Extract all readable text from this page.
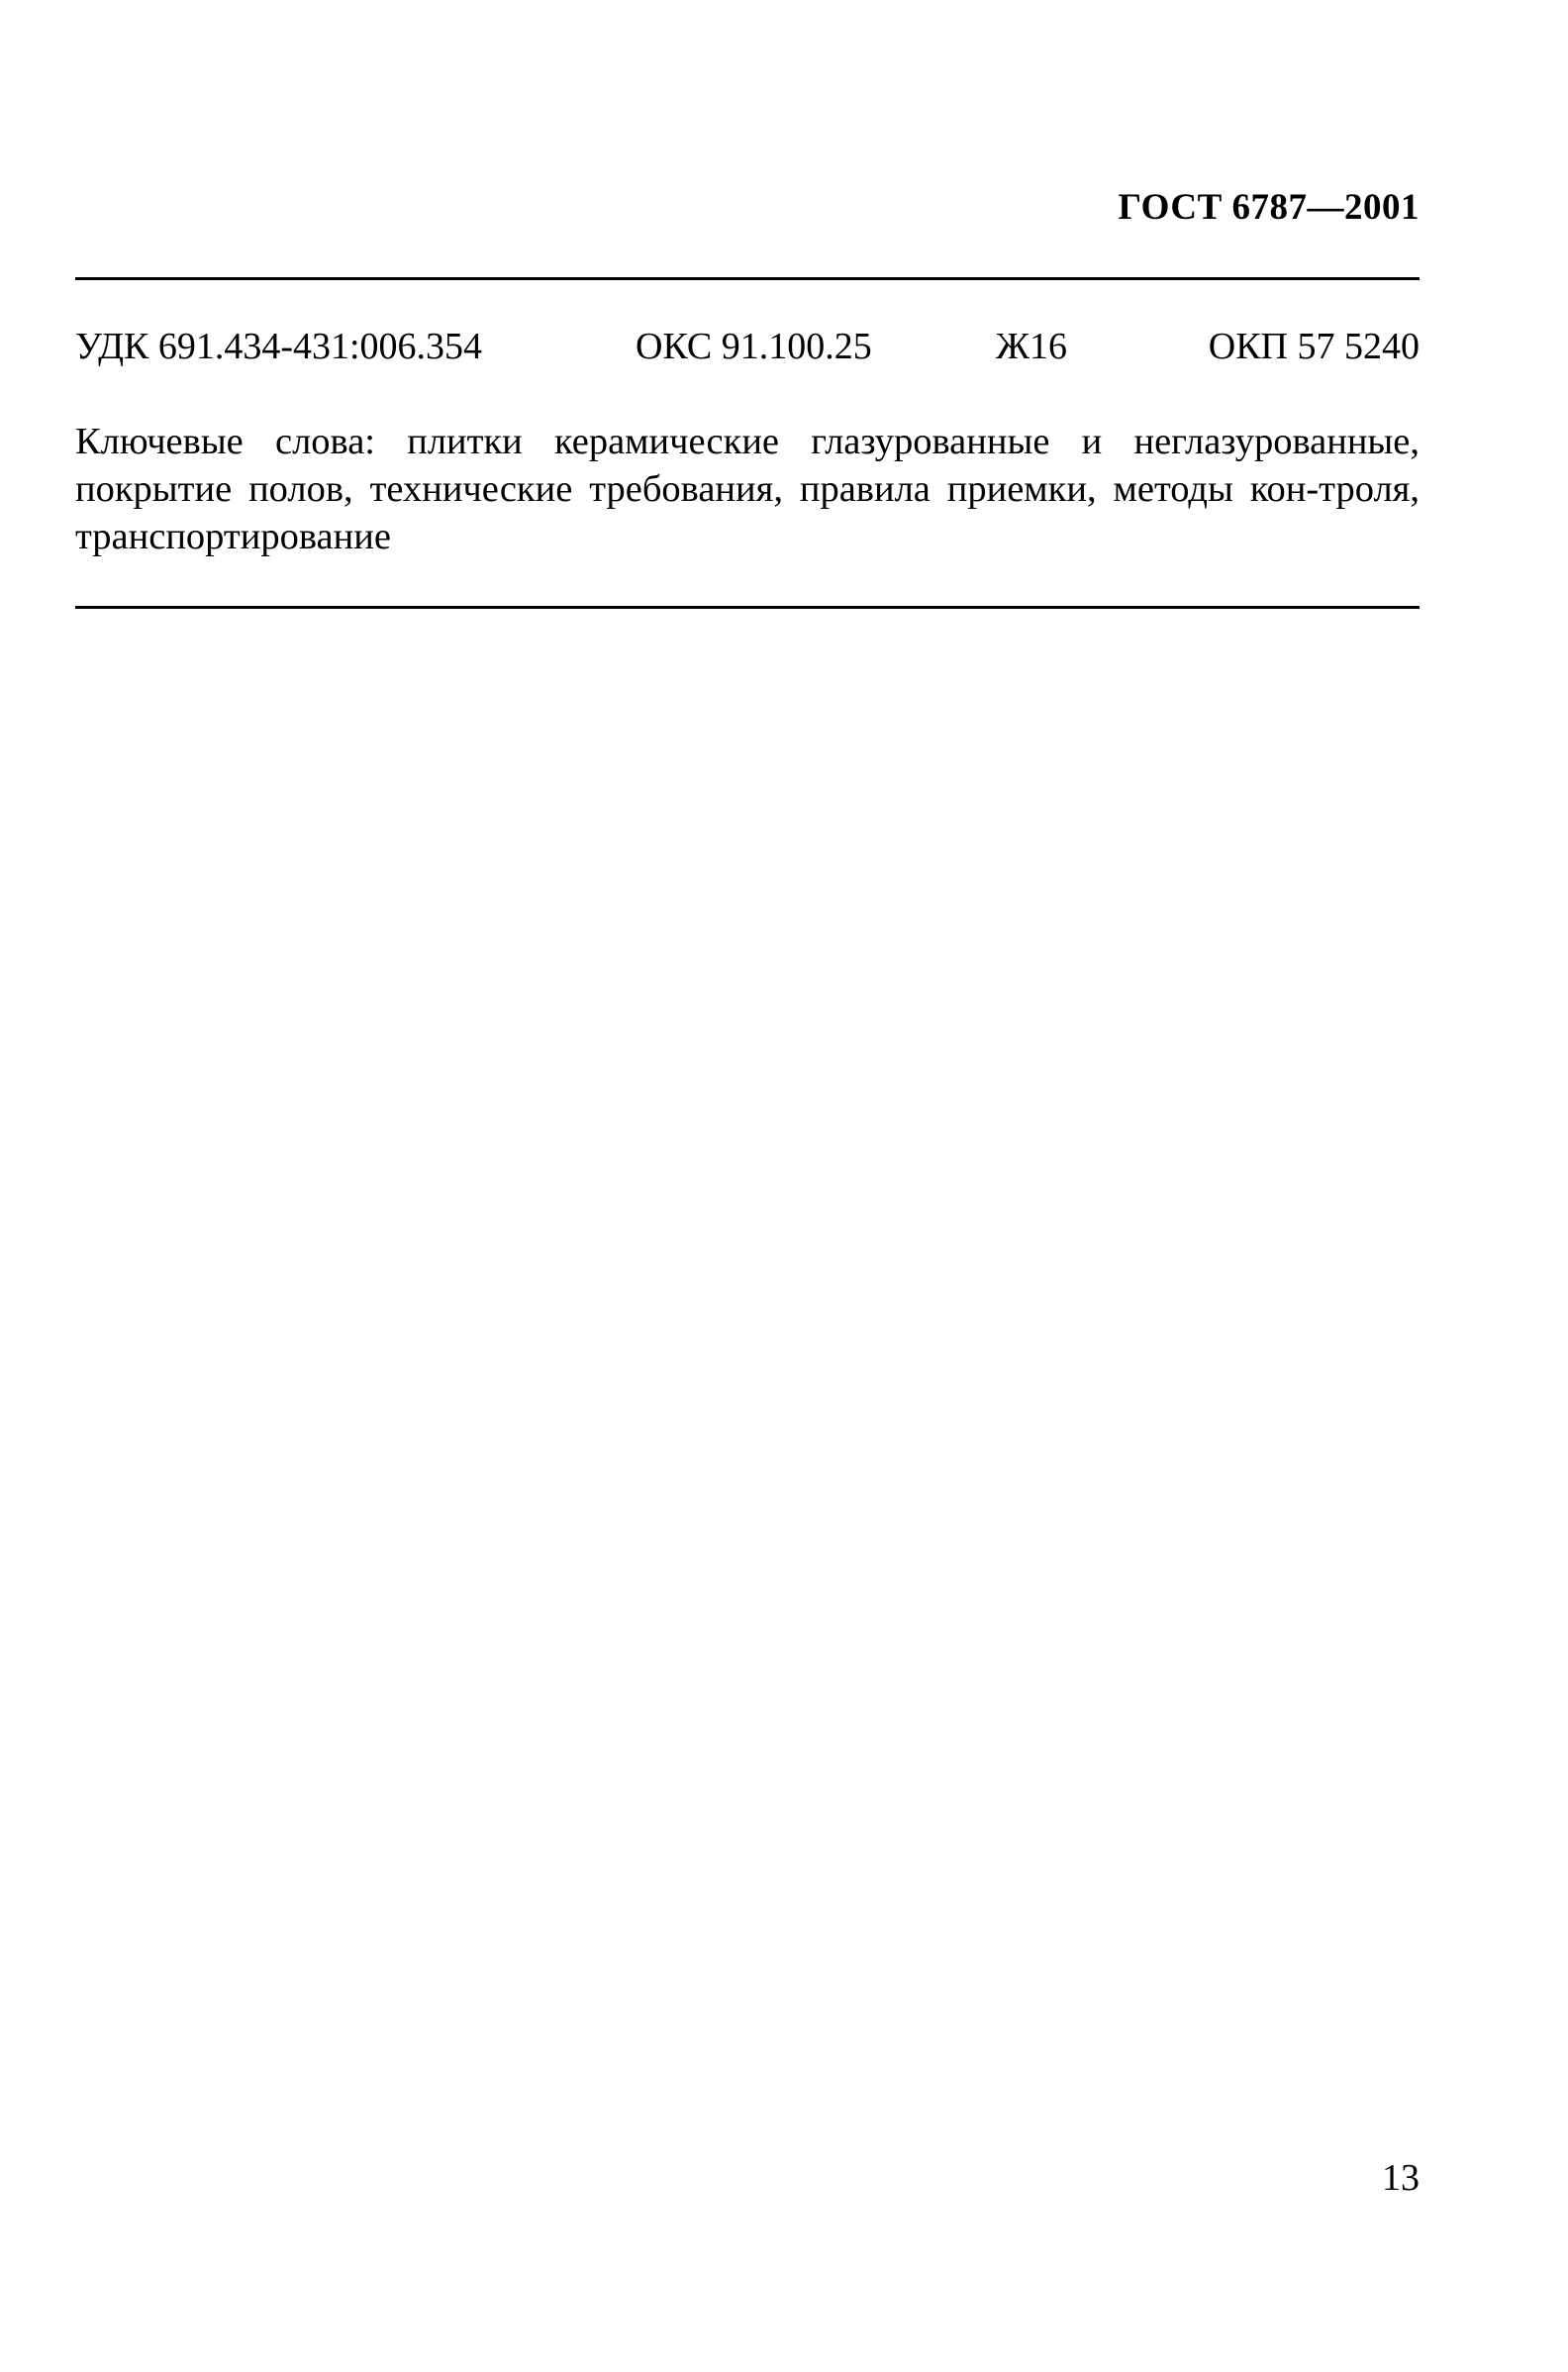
ГОСТ 6787—2001
УДК 691.434-431:006.354	ОКС 91.100.25	Ж16	ОКП 57 5240
Ключевые слова: плитки керамические глазурованные и неглазурованные, покрытие полов, технические требования, правила приемки, методы кон-троля, транспортирование
13
